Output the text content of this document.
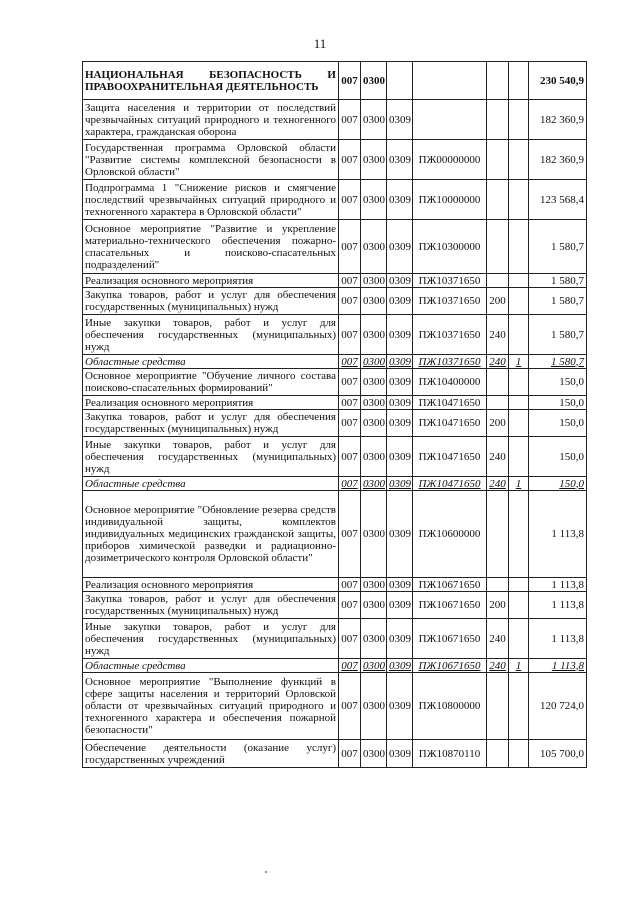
11
НАЦИОНАЛЬНАЯ БЕЗОПАСНОСТЬ И ПРАВООХРАНИТЕЛЬНАЯ ДЕЯТЕЛЬНОСТЬ	007	0300					230 540,9
Защита населения и территории от последствий чрезвычайных ситуаций природного и техногенного характера, гражданская оборона	007	0300	0309				182 360,9
Государственная программа Орловской области "Развитие системы комплексной безопасности в Орловской области"	007	0300	0309	ПЖ00000000			182 360,9
Подпрограмма 1 "Снижение рисков и смягчение последствий чрезвычайных ситуаций природного и техногенного характера в Орловской области"	007	0300	0309	ПЖ10000000			123 568,4
Основное мероприятие "Развитие и укрепление материально-технического обеспечения пожарно-спасательных и поисково-спасательных подразделений"	007	0300	0309	ПЖ10300000			1 580,7
Реализация основного мероприятия	007	0300	0309	ПЖ10371650			1 580,7
Закупка товаров, работ и услуг для обеспечения государственных (муниципальных) нужд	007	0300	0309	ПЖ10371650	200		1 580,7
Иные закупки товаров, работ и услуг для обеспечения государственных (муниципальных) нужд	007	0300	0309	ПЖ10371650	240		1 580,7
Областные средства	007	0300	0309	ПЖ10371650	240	1	1 580,7
Основное мероприятие "Обучение личного состава поисково-спасательных формирований"	007	0300	0309	ПЖ10400000			150,0
Реализация основного мероприятия	007	0300	0309	ПЖ10471650			150,0
Закупка товаров, работ и услуг для обеспечения государственных (муниципальных) нужд	007	0300	0309	ПЖ10471650	200		150,0
Иные закупки товаров, работ и услуг для обеспечения государственных (муниципальных) нужд	007	0300	0309	ПЖ10471650	240		150,0
Областные средства	007	0300	0309	ПЖ10471650	240	1	150,0
Основное мероприятие "Обновление резерва средств индивидуальной защиты, комплектов индивидуальных медицинских гражданской защиты, приборов химической разведки и радиационно-дозиметрического контроля Орловской области"	007	0300	0309	ПЖ10600000			1 113,8
Реализация основного мероприятия	007	0300	0309	ПЖ10671650			1 113,8
Закупка товаров, работ и услуг для обеспечения государственных (муниципальных) нужд	007	0300	0309	ПЖ10671650	200		1 113,8
Иные закупки товаров, работ и услуг для обеспечения государственных (муниципальных) нужд	007	0300	0309	ПЖ10671650	240		1 113,8
Областные средства	007	0300	0309	ПЖ10671650	240	1	1 113,8
Основное мероприятие "Выполнение функций в сфере защиты населения и территорий Орловской области от чрезвычайных ситуаций природного и техногенного характера и обеспечения пожарной безопасности"	007	0300	0309	ПЖ10800000			120 724,0
Обеспечение деятельности (оказание услуг) государственных учреждений	007	0300	0309	ПЖ10870110			105 700,0
